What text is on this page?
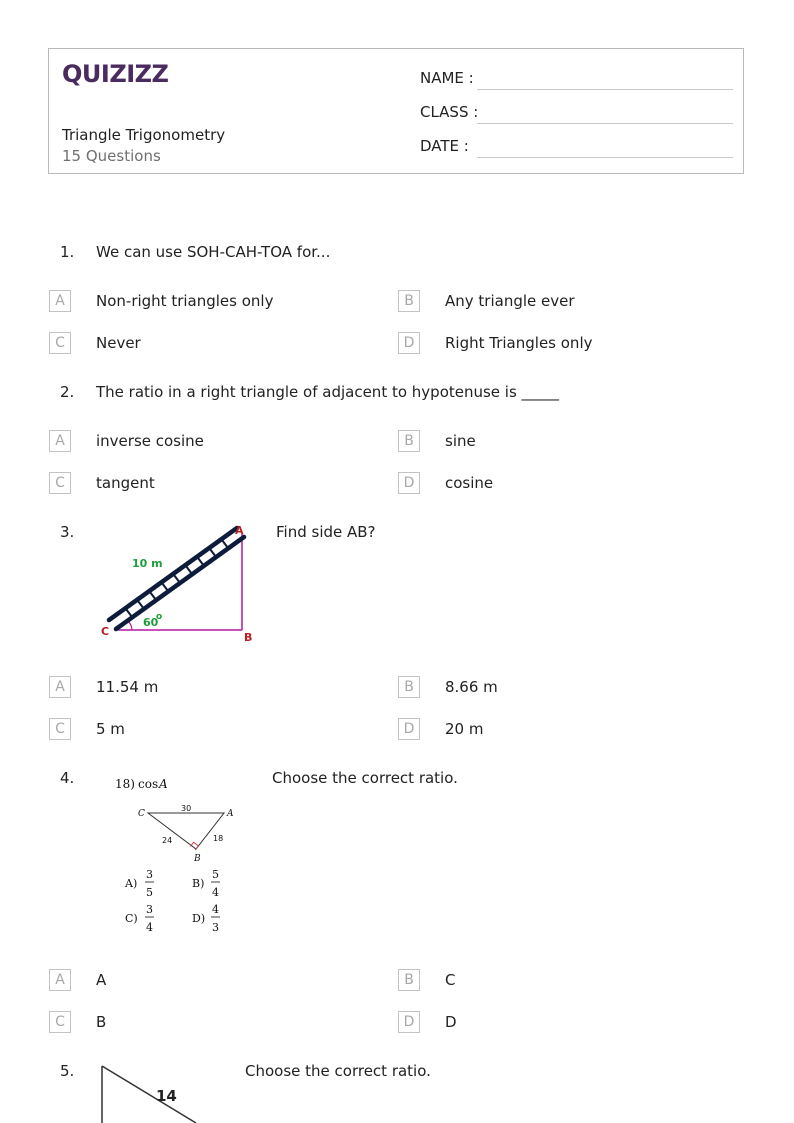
QUIZIZZ
Triangle Trigonometry
15 Questions
NAME :
CLASS :
DATE :
1. We can use SOH-CAH-TOA for...
A	Non-right triangles only	B	Any triangle ever
C	Never	D	Right Triangles only
2. The ratio in a right triangle of adjacent to hypotenuse is _____
A	inverse cosine	B	sine
C	tangent	D	cosine
3.	Find side AB?
A
B
C
10 m
60
o
A	11.54 m	B	8.66 m
C	5 m	D	20 m
4.	Choose the correct ratio.
18) cos A
C	A
B
30
24	18
A)
3
5
B)
5
4
C)
3
4
D)
4
3
A	A	B	C
C	B	D	D
5.	Choose the correct ratio.
14
